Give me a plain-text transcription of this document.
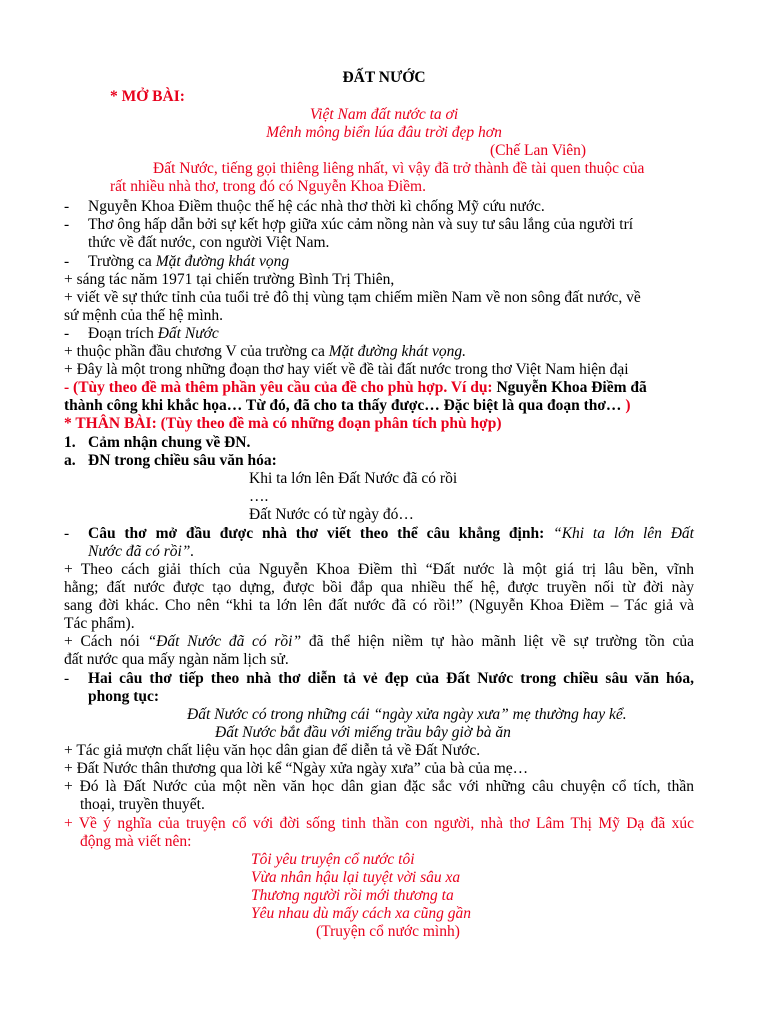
ĐẤT NƯỚC
* MỞ BÀI:
Việt Nam đất nước ta ơi
Mênh mông biển lúa đâu trời đẹp hơn
(Chế Lan Viên)
Đất Nước, tiếng gọi thiêng liêng nhất, vì vậy đã trở thành đề tài quen thuộc của
rất nhiều nhà thơ, trong đó có Nguyễn Khoa Điềm.
- Nguyễn Khoa Điềm thuộc thế hệ các nhà thơ thời kì chống Mỹ cứu nước.
- Thơ ông hấp dẫn bởi sự kết hợp giữa xúc cảm nồng nàn và suy tư sâu lắng của người trí
thức về đất nước, con người Việt Nam.
- Trường ca Mặt đường khát vọng
+ sáng tác năm 1971 tại chiến trường Bình Trị Thiên,
+ viết về sự thức tỉnh của tuổi trẻ đô thị vùng tạm chiếm miền Nam về non sông đất nước, về
sứ mệnh của thế hệ mình.
- Đoạn trích Đất Nước
+ thuộc phần đầu chương V của trường ca Mặt đường khát vọng.
+ Đây là một trong những đoạn thơ hay viết về đề tài đất nước trong thơ Việt Nam hiện đại
- (Tùy theo đề mà thêm phần yêu cầu của đề cho phù hợp. Ví dụ: Nguyễn Khoa Điềm đã
thành công khi khắc họa… Từ đó, đã cho ta thấy được… Đặc biệt là qua đoạn thơ… )
* THÂN BÀI: (Tùy theo đề mà có những đoạn phân tích phù hợp)
1. Cảm nhận chung về ĐN.
a. ĐN trong chiều sâu văn hóa:
Khi ta lớn lên Đất Nước đã có rồi
….
Đất Nước có từ ngày đó…
- Câu thơ mở đầu được nhà thơ viết theo thể câu khẳng định: “Khi ta lớn lên Đất
Nước đã có rồi”.
+ Theo cách giải thích của Nguyễn Khoa Điềm thì “Đất nước là một giá trị lâu bền, vĩnh
hằng; đất nước được tạo dựng, được bồi đắp qua nhiều thế hệ, được truyền nối từ đời này
sang đời khác. Cho nên “khi ta lớn lên đất nước đã có rồi!” (Nguyễn Khoa Điềm – Tác giả và
Tác phẩm).
+ Cách nói “Đất Nước đã có rồi” đã thể hiện niềm tự hào mãnh liệt về sự trường tồn của
đất nước qua mấy ngàn năm lịch sử.
- Hai câu thơ tiếp theo nhà thơ diễn tả vẻ đẹp của Đất Nước trong chiều sâu văn hóa,
phong tục:
Đất Nước có trong những cái “ngày xửa ngày xưa” mẹ thường hay kể.
Đất Nước bắt đầu với miếng trầu bây giờ bà ăn
+ Tác giả mượn chất liệu văn học dân gian để diễn tả về Đất Nước.
+ Đất Nước thân thương qua lời kể “Ngày xửa ngày xưa” của bà của mẹ…
+ Đó là Đất Nước của một nền văn học dân gian đặc sắc với những câu chuyện cổ tích, thần
thoại, truyền thuyết.
+ Về ý nghĩa của truyện cổ với đời sống tinh thần con người, nhà thơ Lâm Thị Mỹ Dạ đã xúc
động mà viết nên:
Tôi yêu truyện cổ nước tôi
Vừa nhân hậu lại tuyệt vời sâu xa
Thương người rồi mới thương ta
Yêu nhau dù mấy cách xa cũng gần
(Truyện cổ nước mình)
